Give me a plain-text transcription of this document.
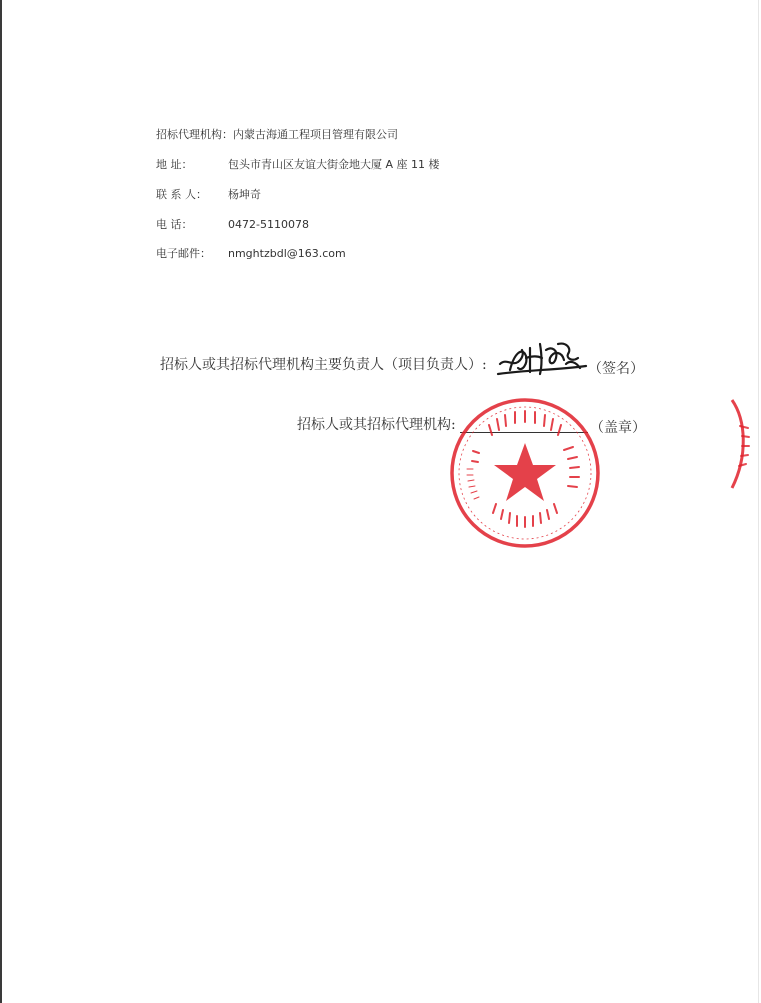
招标代理机构： 内蒙古海通工程项目管理有限公司
地 址：	包头市青山区友谊大街金地大厦 A 座 11 楼
联 系 人：	杨坤奇
电 话：	0472-5110078
电子邮件：	nmghtzbdl@163.com
招标人或其招标代理机构主要负责人（项目负责人）:	（签名）
招标人或其招标代理机构:	（盖章）
